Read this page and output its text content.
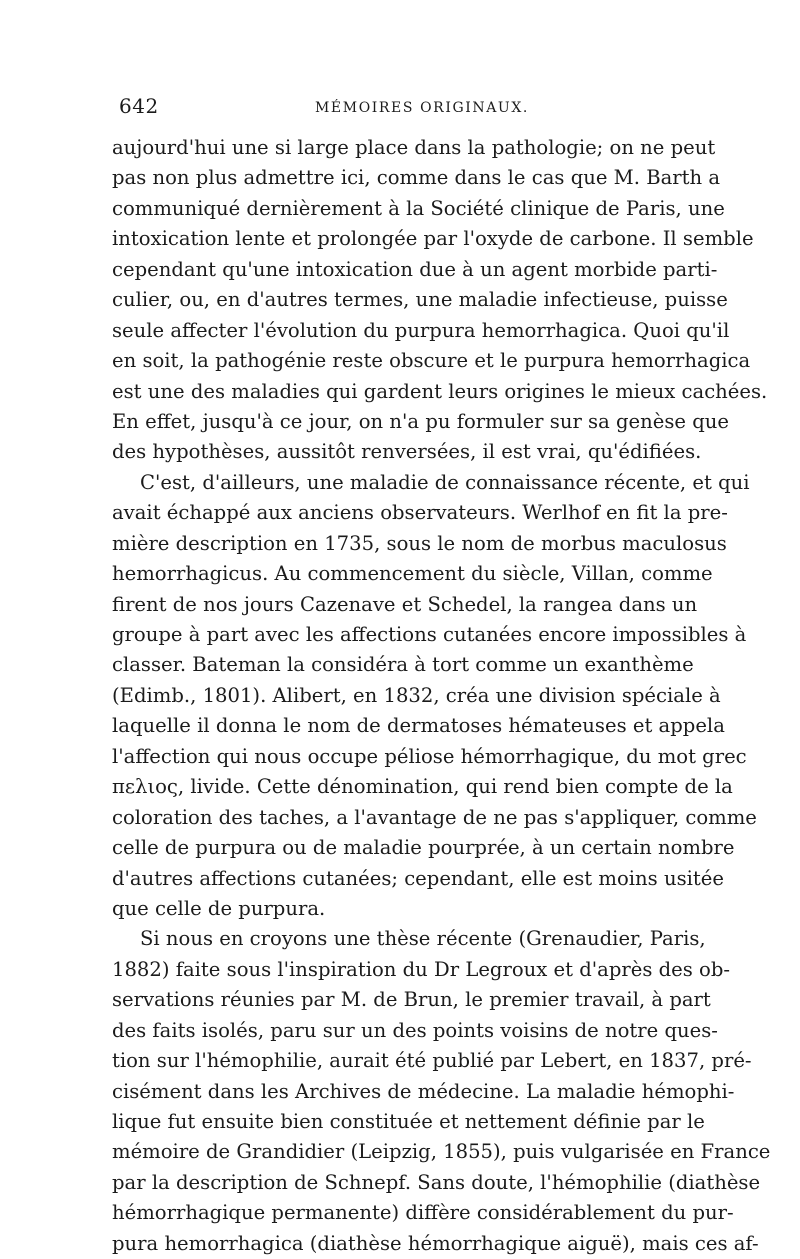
642	MÉMOIRES ORIGINAUX.
aujourd'hui une si large place dans la pathologie; on ne peut
pas non plus admettre ici, comme dans le cas que M. Barth a
communiqué dernièrement à la Société clinique de Paris, une
intoxication lente et prolongée par l'oxyde de carbone. Il semble
cependant qu'une intoxication due à un agent morbide parti-
culier, ou, en d'autres termes, une maladie infectieuse, puisse
seule affecter l'évolution du purpura hemorrhagica. Quoi qu'il
en soit, la pathogénie reste obscure et le purpura hemorrhagica
est une des maladies qui gardent leurs origines le mieux cachées.
En effet, jusqu'à ce jour, on n'a pu formuler sur sa genèse que
des hypothèses, aussitôt renversées, il est vrai, qu'édifiées.
C'est, d'ailleurs, une maladie de connaissance récente, et qui
avait échappé aux anciens observateurs. Werlhof en fit la pre-
mière description en 1735, sous le nom de morbus maculosus
hemorrhagicus. Au commencement du siècle, Villan, comme
firent de nos jours Cazenave et Schedel, la rangea dans un
groupe à part avec les affections cutanées encore impossibles à
classer. Bateman la considéra à tort comme un exanthème
(Edimb., 1801). Alibert, en 1832, créa une division spéciale à
laquelle il donna le nom de dermatoses hématеuses et appela
l'affection qui nous occupe péliose hémorrhagique, du mot grec
πελιος, livide. Cette dénomination, qui rend bien compte de la
coloration des taches, a l'avantage de ne pas s'appliquer, comme
celle de purpura ou de maladie pourprée, à un certain nombre
d'autres affections cutanées; cependant, elle est moins usitée
que celle de purpura.
Si nous en croyons une thèse récente (Grenaudier, Paris,
1882) faite sous l'inspiration du Dr Legroux et d'après des ob-
servations réunies par M. de Brun, le premier travail, à part
des faits isolés, paru sur un des points voisins de notre ques-
tion sur l'hémophilie, aurait été publié par Lebert, en 1837, pré-
cisément dans les Archives de médecine. La maladie hémophi-
lique fut ensuite bien constituée et nettement définie par le
mémoire de Grandidier (Leipzig, 1855), puis vulgarisée en France
par la description de Schnepf. Sans doute, l'hémophilie (diathèse
hémorrhagique permanente) diffère considérablement du pur-
pura hemorrhagica (diathèse hémorrhagique aiguë), mais ces af-
